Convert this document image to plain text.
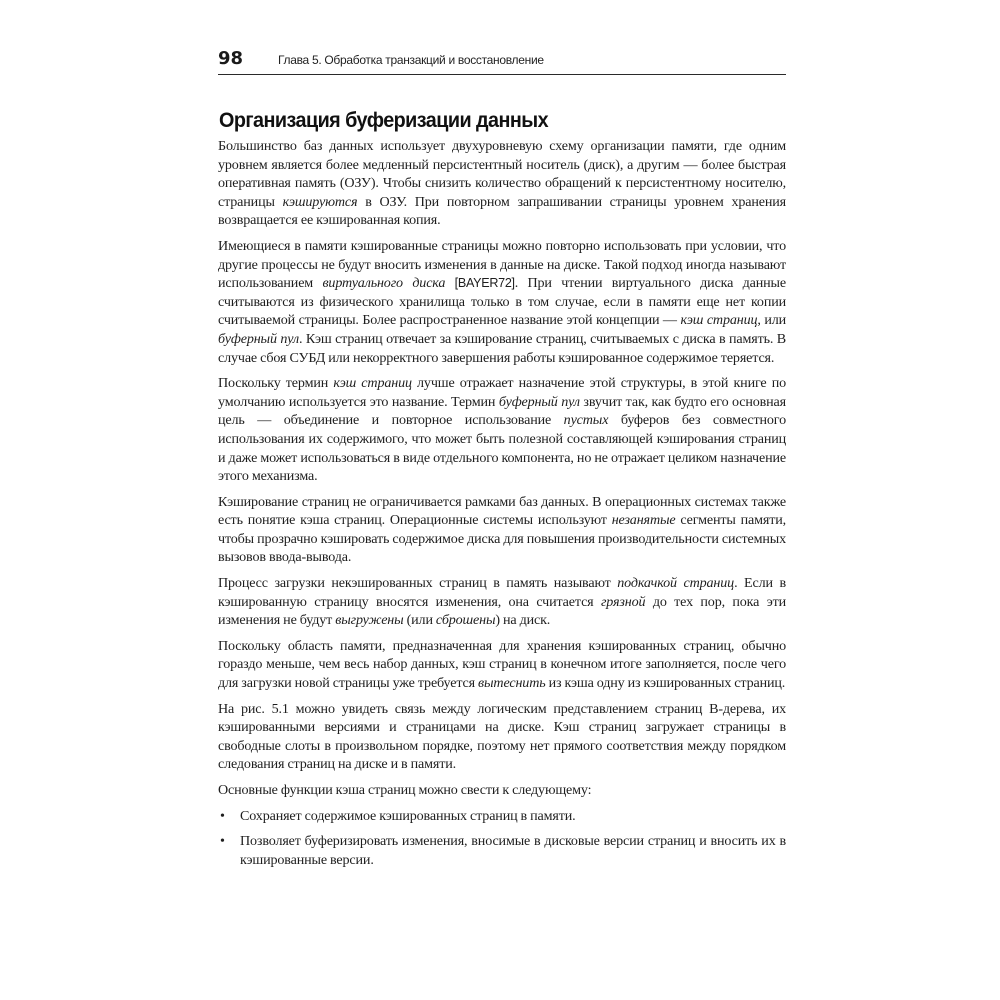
98	Глава 5. Обработка транзакций и восстановление
Организация буферизации данных

Большинство баз данных использует двухуровневую схему организации памяти, где одним уровнем является более медленный персистентный носитель (диск), а другим — более быстрая оперативная память (ОЗУ). Чтобы снизить количество обращений к персистентному носителю, страницы кэшируются в ОЗУ. При повторном запрашивании страницы уровнем хранения возвращается ее кэшированная копия.

Имеющиеся в памяти кэшированные страницы можно повторно использовать при условии, что другие процессы не будут вносить изменения в данные на диске. Такой подход иногда называют использованием виртуального диска [BAYER72]. При чтении виртуального диска данные считываются из физического хранилища только в том случае, если в памяти еще нет копии считываемой страницы. Более распространенное название этой концепции — кэш страниц, или буферный пул. Кэш страниц отвечает за кэширование страниц, считываемых с диска в память. В случае сбоя СУБД или некорректного завершения работы кэшированное содержимое теряется.

Поскольку термин кэш страниц лучше отражает назначение этой структуры, в этой книге по умолчанию используется это название. Термин буферный пул звучит так, как будто его основная цель — объединение и повторное использование пустых буферов без совместного использования их содержимого, что может быть полезной составляющей кэширования страниц и даже может использоваться в виде отдельного компонента, но не отражает целиком назначение этого механизма.

Кэширование страниц не ограничивается рамками баз данных. В операционных системах также есть понятие кэша страниц. Операционные системы используют незанятые сегменты памяти, чтобы прозрачно кэшировать содержимое диска для повышения производительности системных вызовов ввода-вывода.

Процесс загрузки некэшированных страниц в память называют подкачкой страниц. Если в кэшированную страницу вносятся изменения, она считается грязной до тех пор, пока эти изменения не будут выгружены (или сброшены) на диск.

Поскольку область памяти, предназначенная для хранения кэшированных страниц, обычно гораздо меньше, чем весь набор данных, кэш страниц в конечном итоге заполняется, после чего для загрузки новой страницы уже требуется вытеснить из кэша одну из кэшированных страниц.

На рис. 5.1 можно увидеть связь между логическим представлением страниц B-дерева, их кэшированными версиями и страницами на диске. Кэш страниц загружает страницы в свободные слоты в произвольном порядке, поэтому нет прямого соответствия между порядком следования страниц на диске и в памяти.

Основные функции кэша страниц можно свести к следующему:

• Сохраняет содержимое кэшированных страниц в памяти.
• Позволяет буферизировать изменения, вносимые в дисковые версии страниц и вносить их в кэшированные версии.
